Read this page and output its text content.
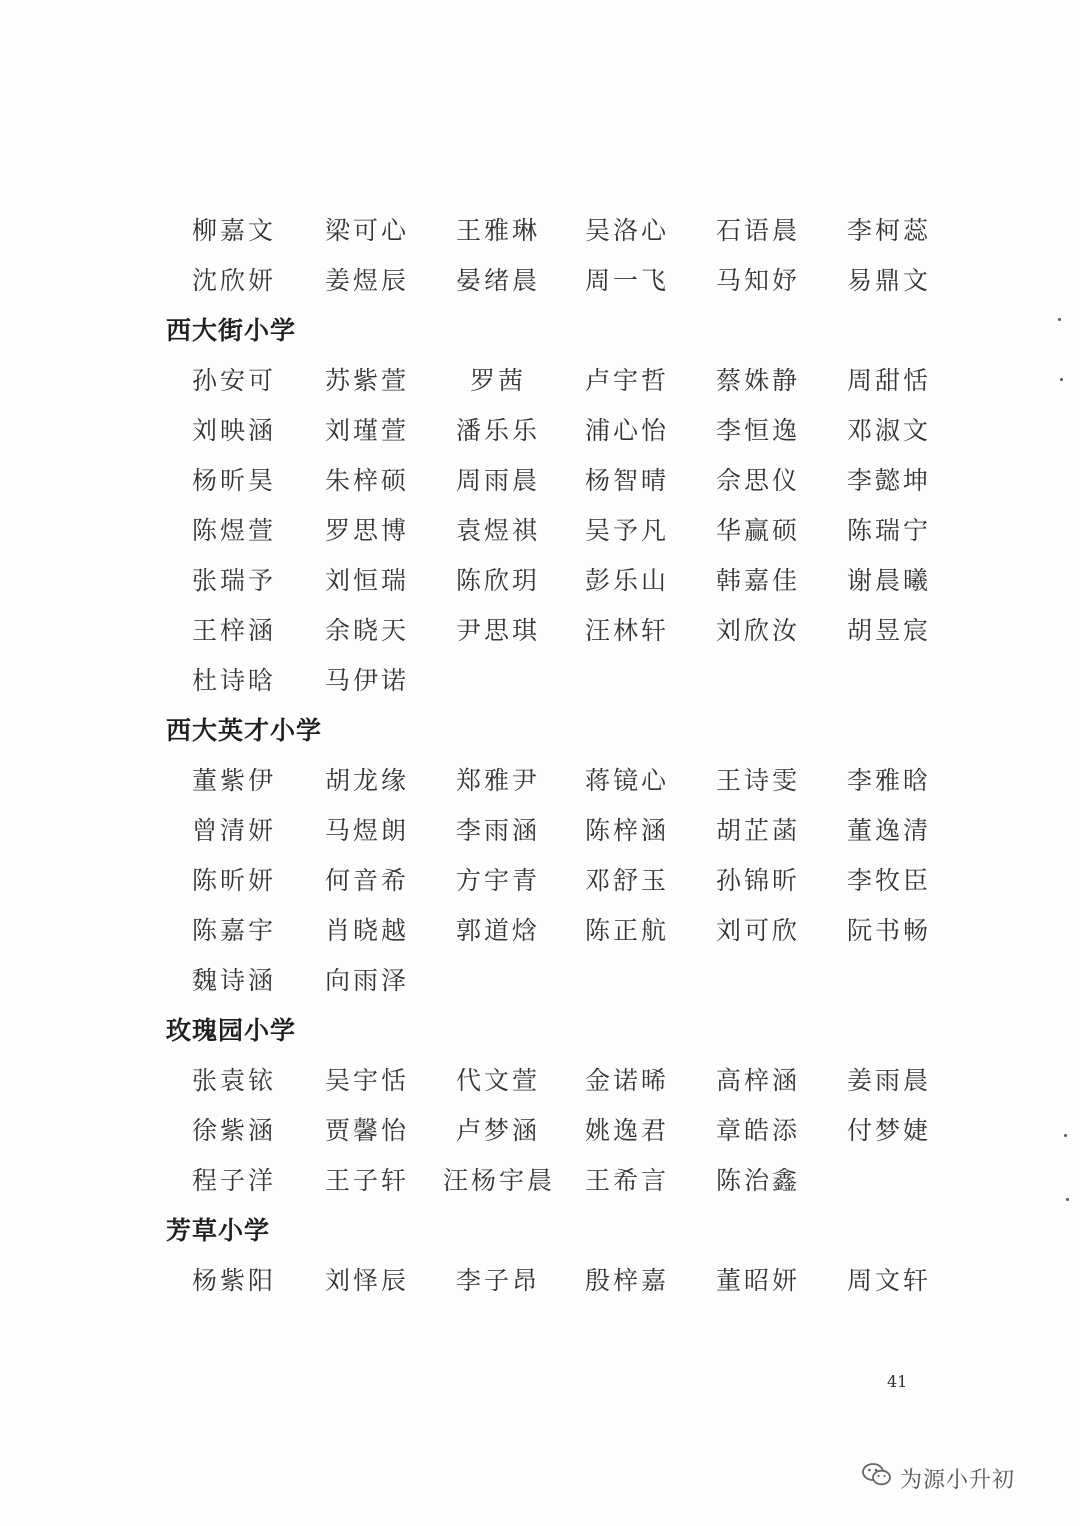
柳嘉文 梁可心 王雅琳 吴洛心 石语晨 李柯蕊
沈欣妍 姜煜辰 晏绪晨 周一飞 马知妤 易鼎文
西大街小学
孙安可 苏紫萱 罗茜 卢宇哲 蔡姝静 周甜恬
刘映涵 刘瑾萱 潘乐乐 浦心怡 李恒逸 邓淑文
杨昕昊 朱梓硕 周雨晨 杨智晴 佘思仪 李懿坤
陈煜萱 罗思博 袁煜祺 吴予凡 华赢硕 陈瑞宁
张瑞予 刘恒瑞 陈欣玥 彭乐山 韩嘉佳 谢晨曦
王梓涵 余晓天 尹思琪 汪林轩 刘欣汝 胡昱宸
杜诗晗 马伊诺
西大英才小学
董紫伊 胡龙缘 郑雅尹 蒋镜心 王诗雯 李雅晗
曾清妍 马煜朗 李雨涵 陈梓涵 胡芷菡 董逸清
陈昕妍 何音希 方宇青 邓舒玉 孙锦昕 李牧臣
陈嘉宇 肖晓越 郭道焓 陈正航 刘可欣 阮书畅
魏诗涵 向雨泽
玫瑰园小学
张袁铱 吴宇恬 代文萱 金诺晞 高梓涵 姜雨晨
徐紫涵 贾馨怡 卢梦涵 姚逸君 章皓添 付梦婕
程子洋 王子轩 汪杨宇晨 王希言 陈治鑫
芳草小学
杨紫阳 刘怿辰 李子昂 殷梓嘉 董昭妍 周文轩
41
为源小升初
